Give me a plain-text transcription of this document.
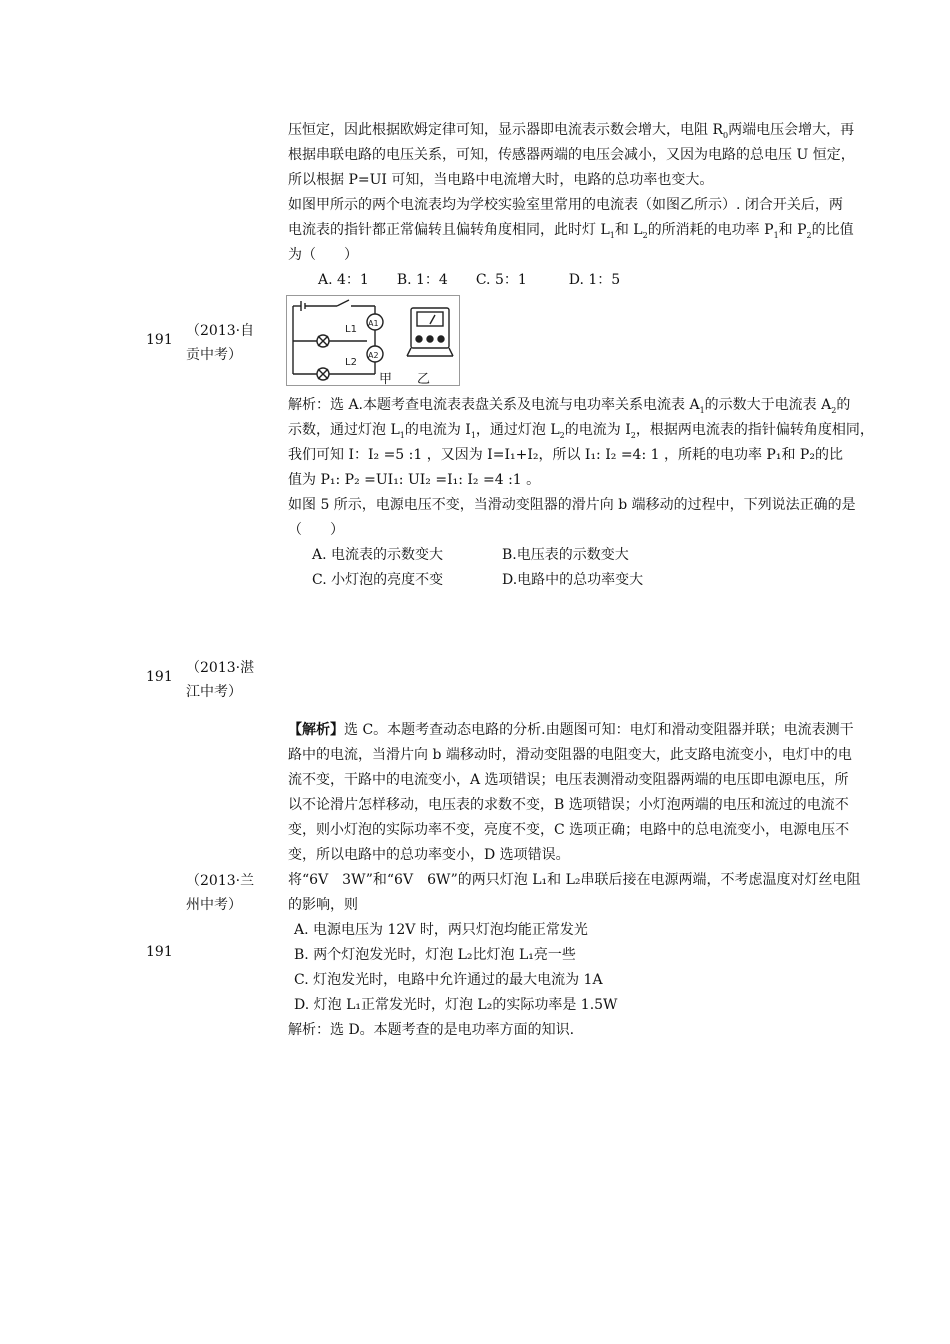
压恒定，因此根据欧姆定律可知，显示器即电流表示数会增大，电阻 $R_0$两端电压会增大，再

根据串联电路的电压关系，可知，传感器两端的电压会减小，又因为电路的总电压 U 恒定，

所以根据 P=UI 可知，当电路中电流增大时，电路的总功率也变大。

如图甲所示的两个电流表均为学校实验室里常用的电流表（如图乙所示）. 闭合开关后，两

电流表的指针都正常偏转且偏转角度相同，此时灯 $L_1$和 $L_2$的所消耗的电功率 $P_1$和 $P_2$的比值

为（　　）

A. 4：1　　B. 1：4　　C. 5：1　　　D. 1：5

191
（2013·自
贡中考）
L1
L2
A1
A2
甲 乙

解析：选 A.本题考查电流表表盘关系及电流与电功率关系电流表 $A_1$的示数大于电流表 $A_2$的

示数，通过灯泡 $L_1$的电流为 $I_1$，通过灯泡 $L_2$的电流为 $I_2$，根据两电流表的指针偏转角度相同，

我们可知 I：I₂ =5 :1 ，又因为 I=I₁+I₂，所以 I₁: I₂ =4: 1 ，所耗的电功率 P₁和 P₂的比

值为 P₁: P₂ =UI₁: UI₂ =I₁: I₂ =4 :1 。

如图 5 所示，电源电压不变，当滑动变阻器的滑片向 b 端移动的过程中，下列说法正确的是

（　　）

A. 电流表的示数变大	B.电压表的示数变大

C. 小灯泡的亮度不变	D.电路中的总功率变大

191
（2013·湛
江中考）

【解析】选 C。本题考查动态电路的分析.由题图可知：电灯和滑动变阻器并联；电流表测干

路中的电流，当滑片向 b 端移动时，滑动变阻器的电阻变大，此支路电流变小，电灯中的电

流不变，干路中的电流变小，A 选项错误；电压表测滑动变阻器两端的电压即电源电压，所

以不论滑片怎样移动，电压表的求数不变，B 选项错误；小灯泡两端的电压和流过的电流不

变，则小灯泡的实际功率不变，亮度不变，C 选项正确；电路中的总电流变小，电源电压不

变，所以电路中的总功率变小，D 选项错误。

（2013·兰
州中考）

将“6V　3W”和“6V　6W”的两只灯泡 L₁和 L₂串联后接在电源两端，不考虑温度对灯丝电阻

的影响，则

A. 电源电压为 12V 时，两只灯泡均能正常发光

191	B. 两个灯泡发光时，灯泡 L₂比灯泡 L₁亮一些

C. 灯泡发光时，电路中允许通过的最大电流为 1A

D. 灯泡 L₁正常发光时，灯泡 L₂的实际功率是 1.5W

解析：选 D。本题考查的是电功率方面的知识.
